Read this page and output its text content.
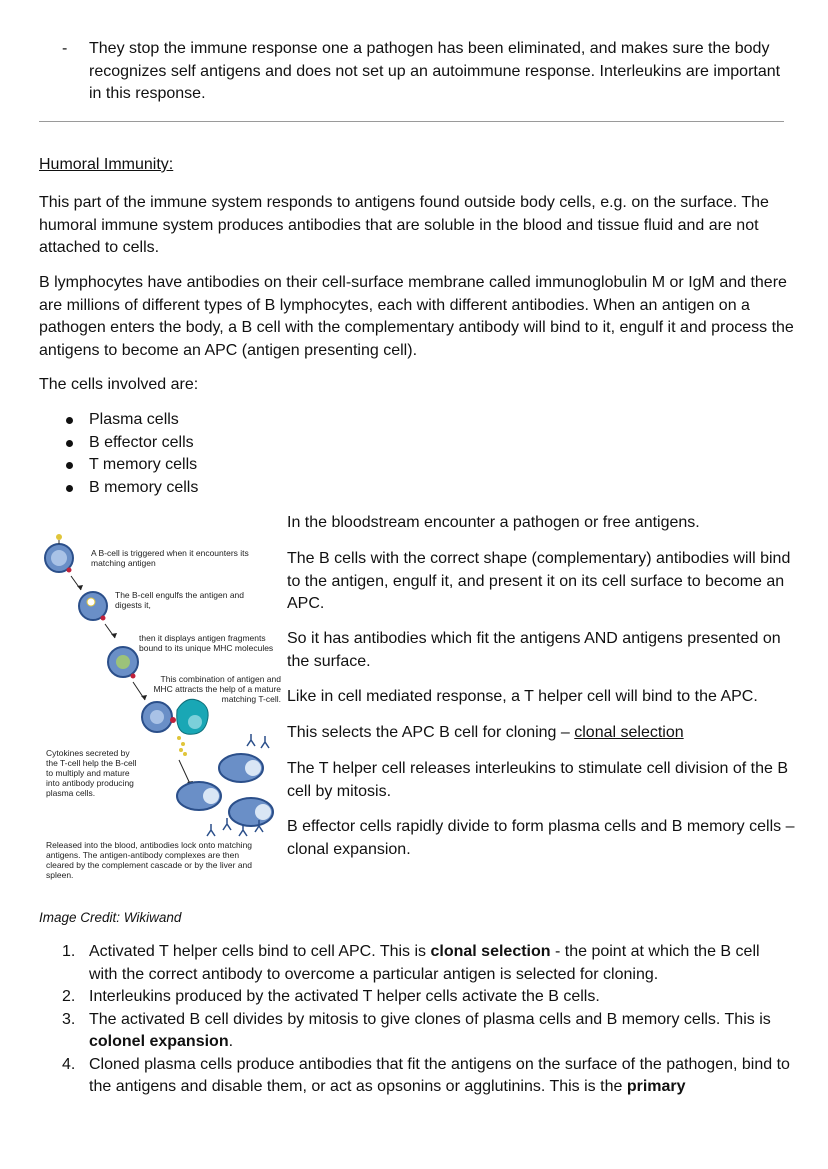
- They stop the immune response one a pathogen has been eliminated, and makes sure the body recognizes self antigens and does not set up an autoimmune response. Interleukins are important in this response.
Humoral Immunity:
This part of the immune system responds to antigens found outside body cells, e.g. on the surface. The humoral immune system produces antibodies that are soluble in the blood and tissue fluid and are not attached to cells.
B lymphocytes have antibodies on their cell-surface membrane called immunoglobulin M or IgM and there are millions of different types of B lymphocytes, each with different antibodies. When an antigen on a pathogen enters the body, a B cell with the complementary antibody will bind to it, engulf it and process the antigens to become an APC (antigen presenting cell).
The cells involved are:
Plasma cells
B effector cells
T memory cells
B memory cells
A B-cell is triggered when it encounters its matching antigen
The B-cell engulfs the antigen and digests it,
then it displays antigen fragments bound to its unique MHC molecules
This combination of antigen and MHC attracts the help of a mature matching T-cell.
Cytokines secreted by the T-cell help the B-cell to multiply and mature into antibody producing plasma cells.
Released into the blood, antibodies lock onto matching antigens. The antigen-antibody complexes are then cleared by the complement cascade or by the liver and spleen.

In the bloodstream encounter a pathogen or free antigens.

The B cells with the correct shape (complementary) antibodies will bind to the antigen, engulf it, and present it on its cell surface to become an APC.

So it has antibodies which fit the antigens AND antigens presented on the surface.

Like in cell mediated response, a T helper cell will bind to the APC.

This selects the APC B cell for cloning – clonal selection

The T helper cell releases interleukins to stimulate cell division of the B cell by mitosis.

B effector cells rapidly divide to form plasma cells and B memory cells – clonal expansion.

Image Credit: Wikiwand
1. Activated T helper cells bind to cell APC. This is clonal selection - the point at which the B cell with the correct antibody to overcome a particular antigen is selected for cloning.
2. Interleukins produced by the activated T helper cells activate the B cells.
3. The activated B cell divides by mitosis to give clones of plasma cells and B memory cells. This is colonel expansion.
4. Cloned plasma cells produce antibodies that fit the antigens on the surface of the pathogen, bind to the antigens and disable them, or act as opsonins or agglutinins. This is the primary
